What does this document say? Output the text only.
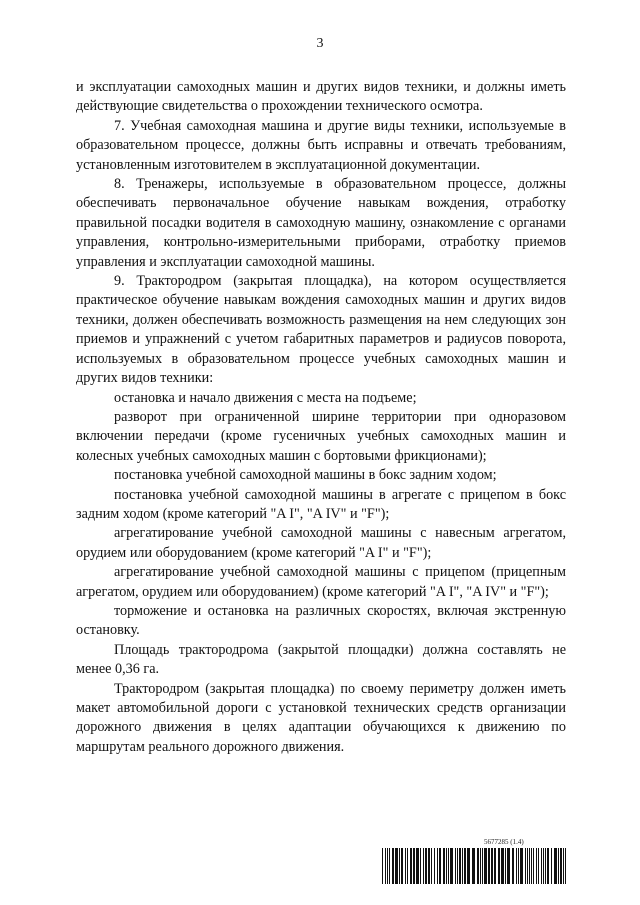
3

и эксплуатации самоходных машин и других видов техники, и должны иметь действующие свидетельства о прохождении технического осмотра.

7. Учебная самоходная машина и другие виды техники, используемые в образовательном процессе, должны быть исправны и отвечать требованиям, установленным изготовителем в эксплуатационной документации.

8. Тренажеры, используемые в образовательном процессе, должны обеспечивать первоначальное обучение навыкам вождения, отработку правильной посадки водителя в самоходную машину, ознакомление с органами управления, контрольно-измерительными приборами, отработку приемов управления и эксплуатации самоходной машины.

9. Трактородром (закрытая площадка), на котором осуществляется практическое обучение навыкам вождения самоходных машин и других видов техники, должен обеспечивать возможность размещения на нем следующих зон приемов и упражнений с учетом габаритных параметров и радиусов поворота, используемых в образовательном процессе учебных самоходных машин и других видов техники:

остановка и начало движения с места на подъеме;

разворот при ограниченной ширине территории при одноразовом включении передачи (кроме гусеничных учебных самоходных машин и колесных учебных самоходных машин с бортовыми фрикционами);

постановка учебной самоходной машины в бокс задним ходом;

постановка учебной самоходной машины в агрегате с прицепом в бокс задним ходом (кроме категорий "A I", "A IV" и "F");

агрегатирование учебной самоходной машины с навесным агрегатом, орудием или оборудованием (кроме категорий "A I" и "F");

агрегатирование учебной самоходной машины с прицепом (прицепным агрегатом, орудием или оборудованием) (кроме категорий "A I", "A IV" и "F");

торможение и остановка на различных скоростях, включая экстренную остановку.

Площадь трактородрома (закрытой площадки) должна составлять не менее 0,36 га.

Трактородром (закрытая площадка) по своему периметру должен иметь макет автомобильной дороги с установкой технических средств организации дорожного движения в целях адаптации обучающихся к движению по маршрутам реального дорожного движения.

5677285 (1.4)
